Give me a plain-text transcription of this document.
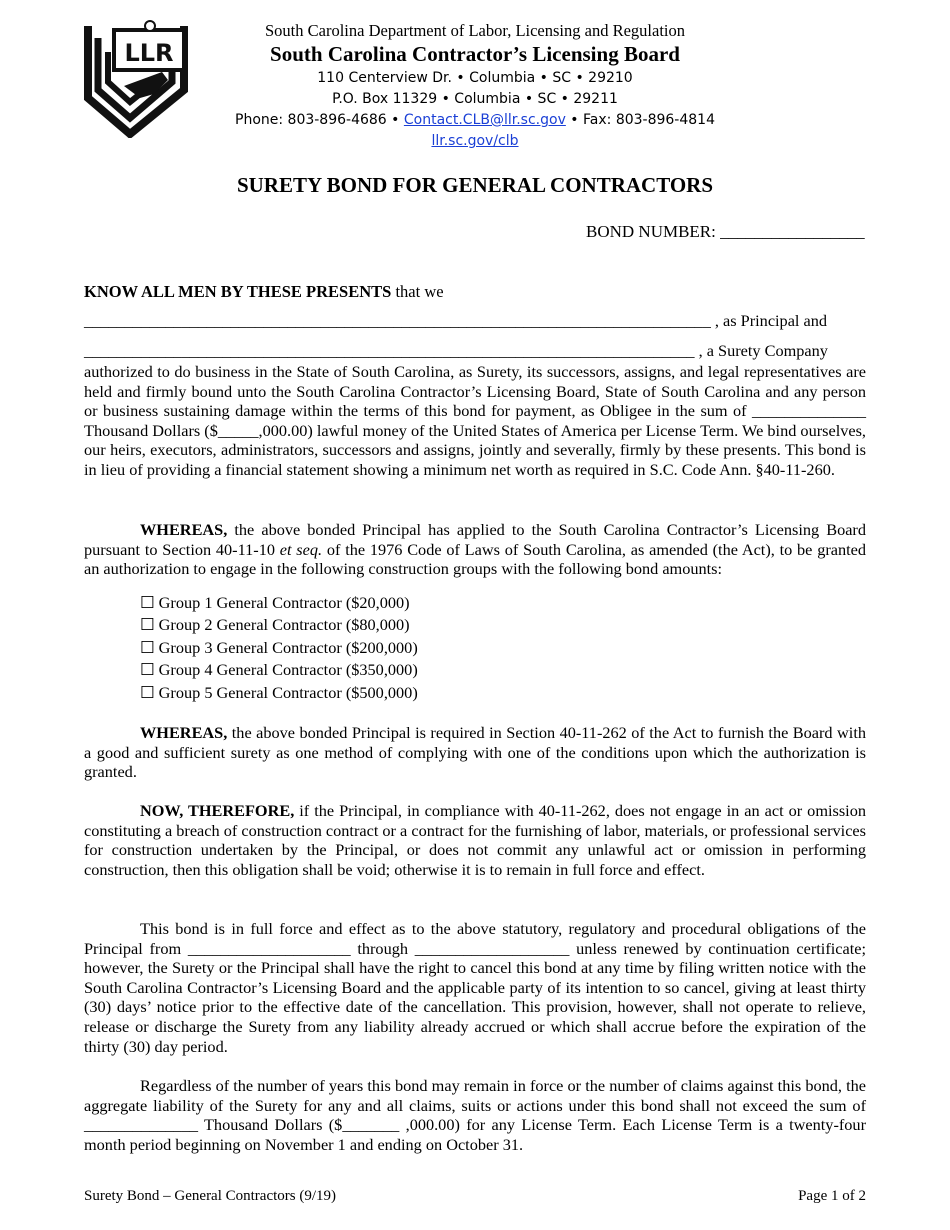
LLR
South Carolina Department of Labor, Licensing and Regulation
South Carolina Contractor’s Licensing Board
110 Centerview Dr. • Columbia • SC • 29210
P.O. Box 11329 • Columbia • SC • 29211
Phone: 803-896-4686 • Contact.CLB@llr.sc.gov • Fax: 803-896-4814
llr.sc.gov/clb
SURETY BOND FOR GENERAL CONTRACTORS
BOND NUMBER: _________________
KNOW ALL MEN BY THESE PRESENTS that we
_____________________________________________________________________________ , as Principal and
___________________________________________________________________________ , a Surety Company
authorized to do business in the State of South Carolina, as Surety, its successors, assigns, and legal representatives are held and firmly bound unto the South Carolina Contractor’s Licensing Board, State of South Carolina and any person or business sustaining damage within the terms of this bond for payment, as Obligee in the sum of ______________ Thousand Dollars ($_____,000.00) lawful money of the United States of America per License Term. We bind ourselves, our heirs, executors, administrators, successors and assigns, jointly and severally, firmly by these presents. This bond is in lieu of providing a financial statement showing a minimum net worth as required in S.C. Code Ann. §40-11-260.
WHEREAS, the above bonded Principal has applied to the South Carolina Contractor’s Licensing Board pursuant to Section 40-11-10 et seq. of the 1976 Code of Laws of South Carolina, as amended (the Act), to be granted an authorization to engage in the following construction groups with the following bond amounts:
☐ Group 1 General Contractor ($20,000)
☐ Group 2 General Contractor ($80,000)
☐ Group 3 General Contractor ($200,000)
☐ Group 4 General Contractor ($350,000)
☐ Group 5 General Contractor ($500,000)
WHEREAS, the above bonded Principal is required in Section 40-11-262 of the Act to furnish the Board with a good and sufficient surety as one method of complying with one of the conditions upon which the authorization is granted.
NOW, THEREFORE, if the Principal, in compliance with 40-11-262, does not engage in an act or omission constituting a breach of construction contract or a contract for the furnishing of labor, materials, or professional services for construction undertaken by the Principal, or does not commit any unlawful act or omission in performing construction, then this obligation shall be void; otherwise it is to remain in full force and effect.
This bond is in full force and effect as to the above statutory, regulatory and procedural obligations of the Principal from ____________________ through ___________________ unless renewed by continuation certificate; however, the Surety or the Principal shall have the right to cancel this bond at any time by filing written notice with the South Carolina Contractor’s Licensing Board and the applicable party of its intention to so cancel, giving at least thirty (30) days’ notice prior to the effective date of the cancellation. This provision, however, shall not operate to relieve, release or discharge the Surety from any liability already accrued or which shall accrue before the expiration of the thirty (30) day period.
Regardless of the number of years this bond may remain in force or the number of claims against this bond, the aggregate liability of the Surety for any and all claims, suits or actions under this bond shall not exceed the sum of ______________ Thousand Dollars ($_______ ,000.00) for any License Term. Each License Term is a twenty-four month period beginning on November 1 and ending on October 31.
Surety Bond – General Contractors (9/19)	Page 1 of 2
